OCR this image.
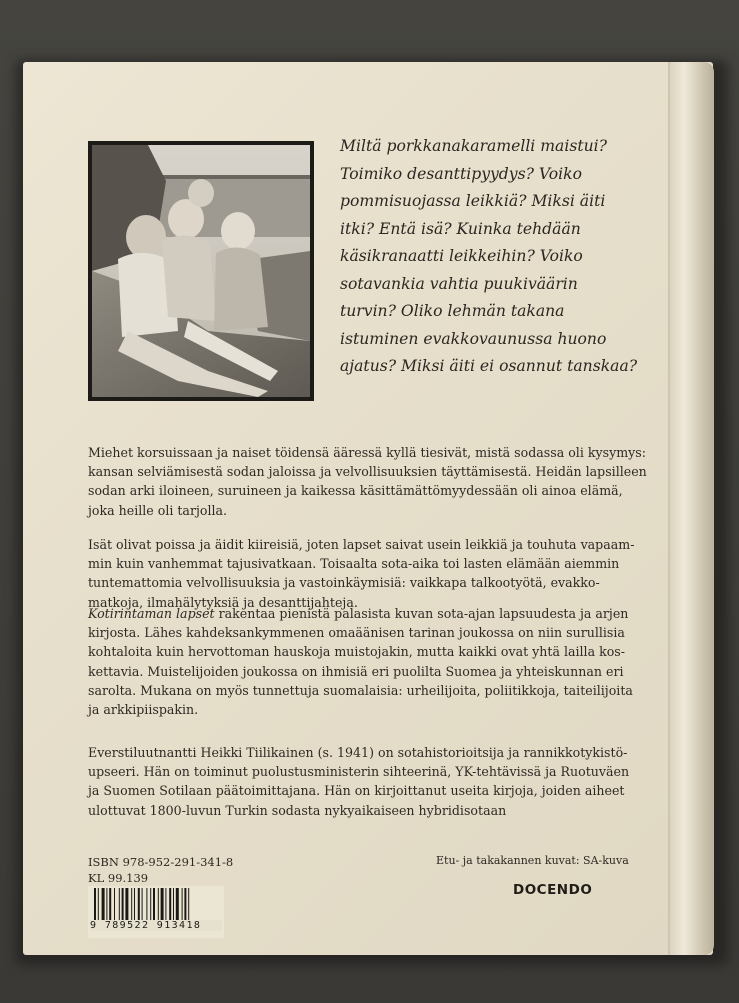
Miltä porkkanakaramelli maistui?
Toimiko desanttipyydys? Voiko
pommisuojassa leikkiä? Miksi äiti
itki? Entä isä? Kuinka tehdään
käsikranaatti leikkeihin? Voiko
sotavankia vahtia puukiväärin
turvin? Oliko lehmän takana
istuminen evakkovaunussa huono
ajatus? Miksi äiti ei osannut tanskaa?
Miehet korsuissaan ja naiset töidensä ääressä kyllä tiesivät, mistä sodassa oli kysymys:
kansan selviämisestä sodan jaloissa ja velvollisuuksien täyttämisestä. Heidän lapsilleen
sodan arki iloineen, suruineen ja kaikessa käsittämättömyydessään oli ainoa elämä,
joka heille oli tarjolla.
Isät olivat poissa ja äidit kiireisiä, joten lapset saivat usein leikkiä ja touhuta vapaam-
min kuin vanhemmat tajusivatkaan. Toisaalta sota-aika toi lasten elämään aiemmin
tuntemattomia velvollisuuksia ja vastoinkäymisiä: vaikkapa talkootyötä, evakko-
matkoja, ilmahälytyksiä ja desanttijahteja.
Kotirintaman lapset rakentaa pienistä palasista kuvan sota-ajan lapsuudesta ja arjen
kirjosta. Lähes kahdeksankymmenen omaäänisen tarinan joukossa on niin surullisia
kohtaloita kuin hervottoman hauskoja muistojakin, mutta kaikki ovat yhtä lailla kos-
kettavia. Muistelijoiden joukossa on ihmisiä eri puolilta Suomea ja yhteiskunnan eri
sarolta. Mukana on myös tunnettuja suomalaisia: urheilijoita, poliitikkoja, taiteilijoita
ja arkkipiispakin.
Everstiluutnantti Heikki Tiilikainen (s. 1941) on sotahistorioitsija ja rannikkotykistö-
upseeri. Hän on toiminut puolustusministerin sihteerinä, YK-tehtävissä ja Ruotuväen
ja Suomen Sotilaan päätoimittajana. Hän on kirjoittanut useita kirjoja, joiden aiheet
ulottuvat 1800-luvun Turkin sodasta nykyaikaiseen hybridisotaan
ISBN 978-952-291-341-8
KL 99.139
9 789522 913418
Etu- ja takakannen kuvat: SA-kuva
DOCENDO
